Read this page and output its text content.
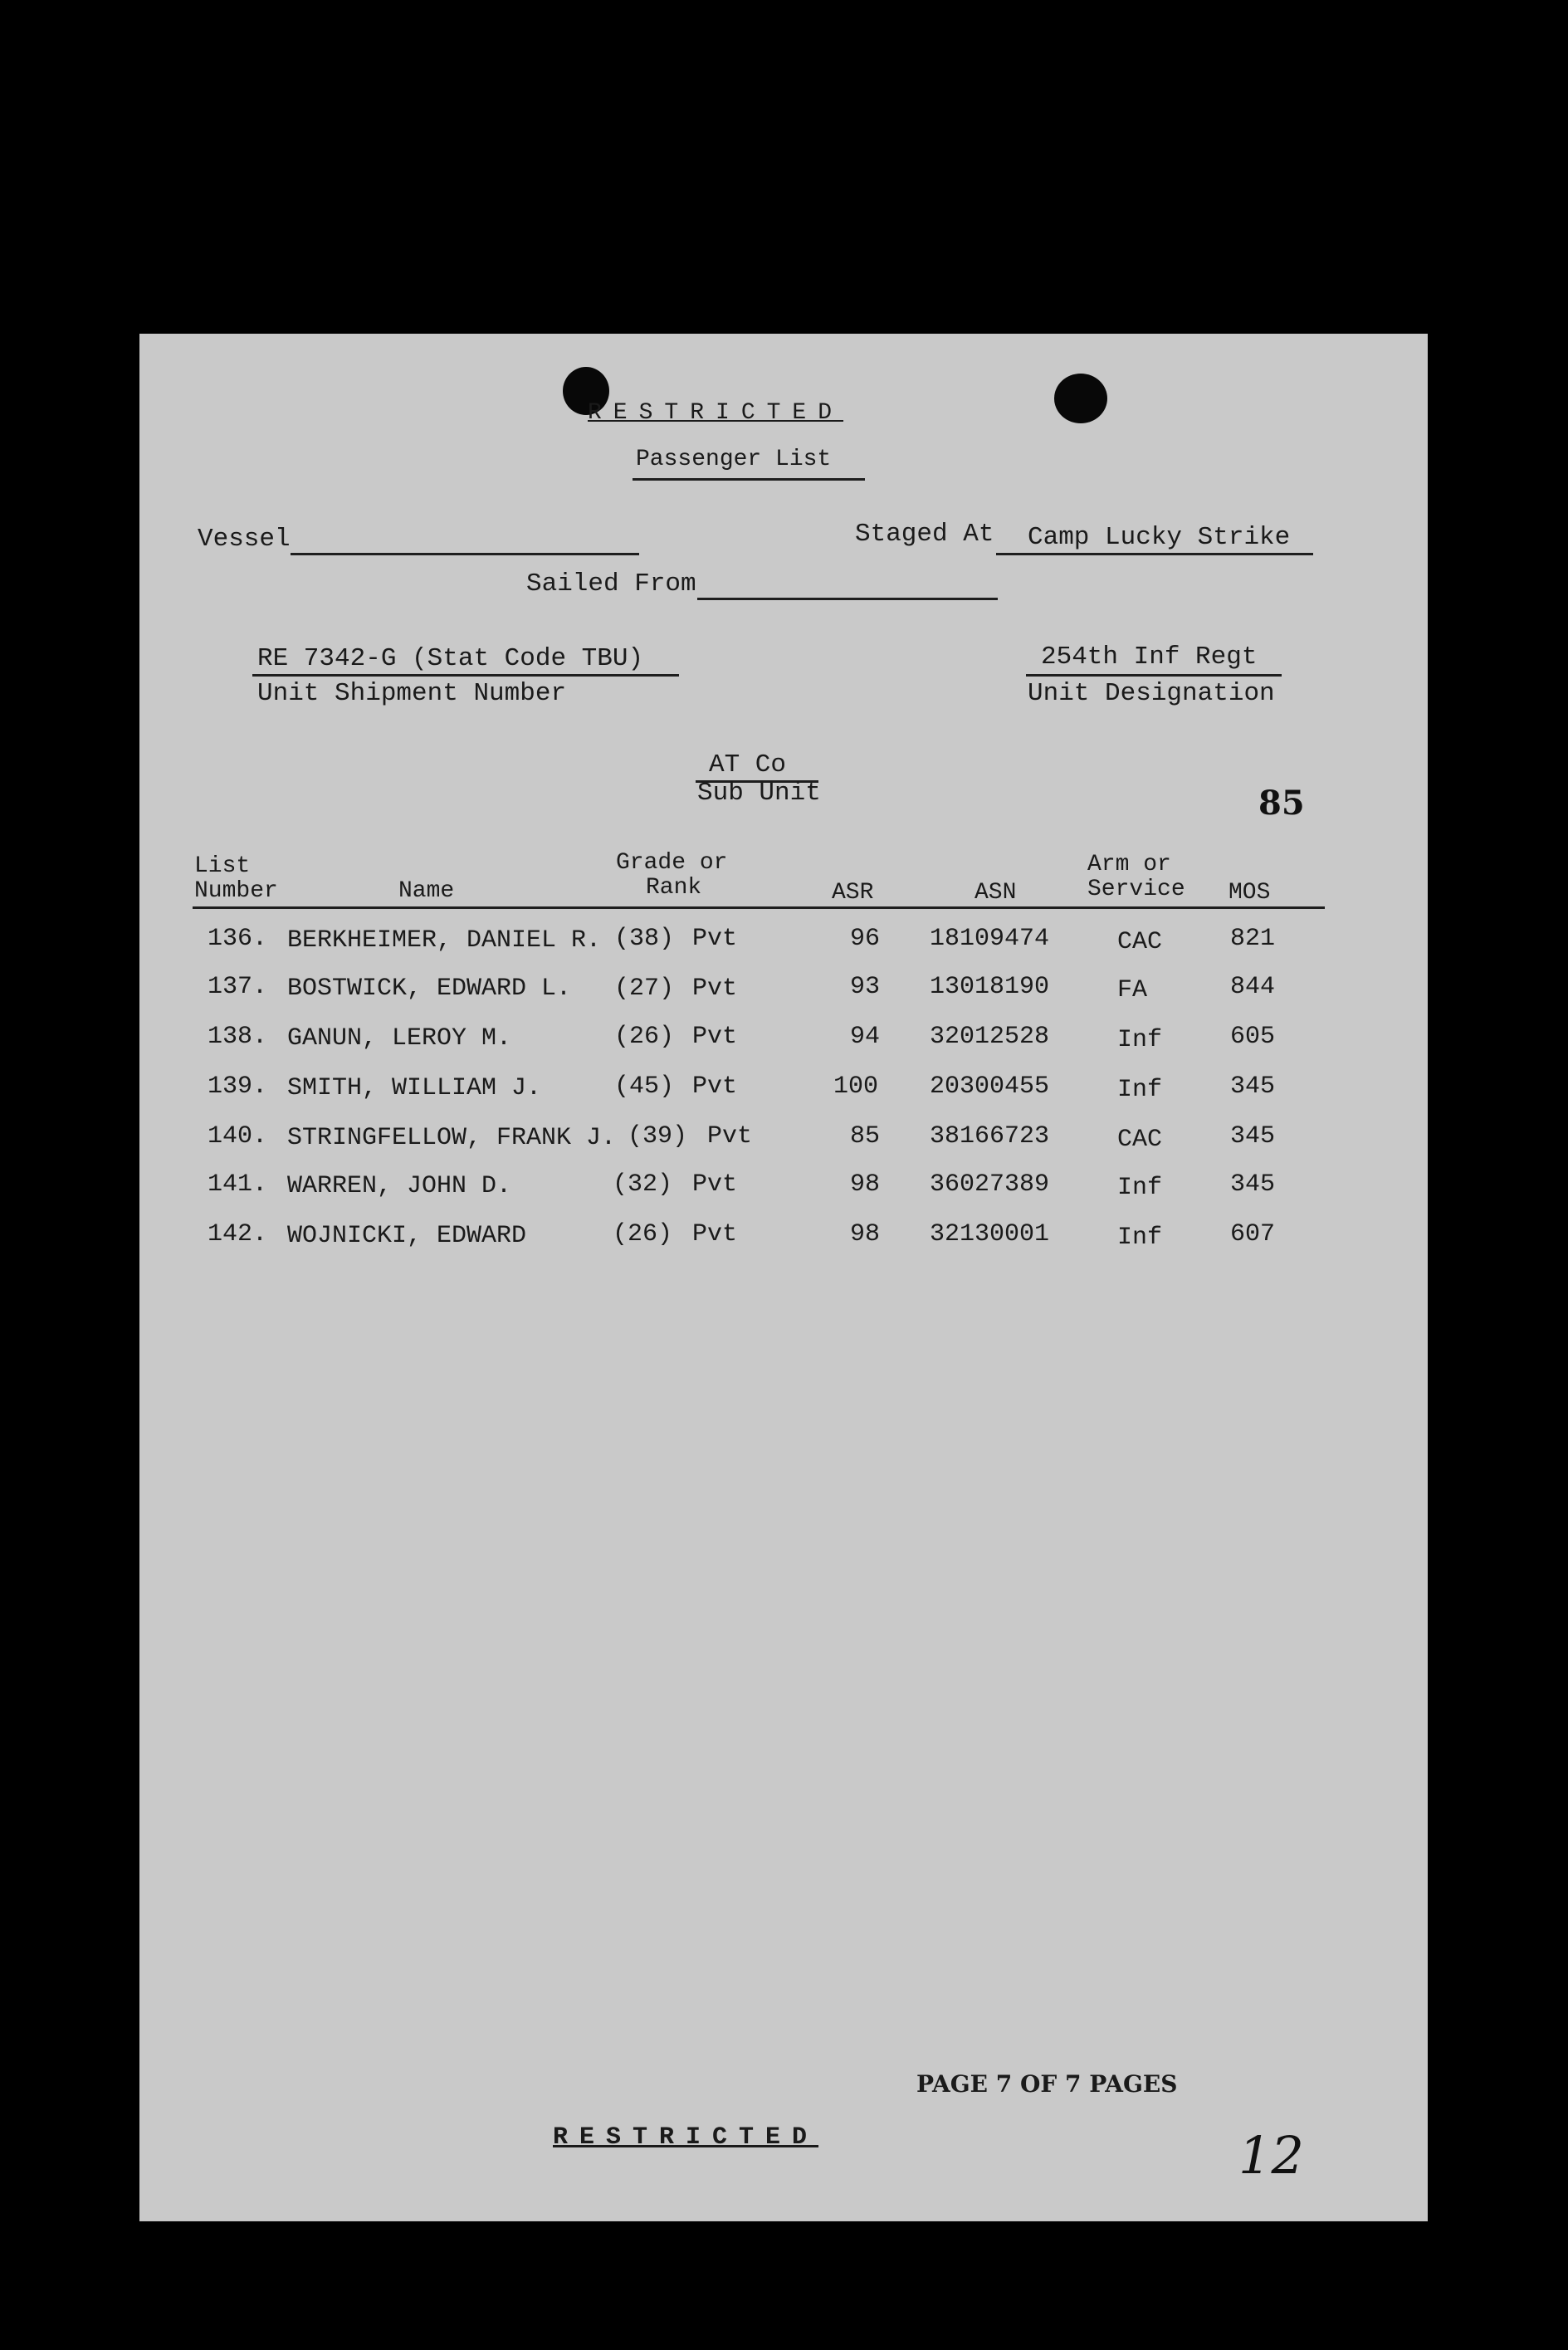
RESTRICTED
Passenger List
Vessel	Staged At Camp Lucky Strike
Sailed From
RE 7342-G (Stat Code TBU)
Unit Shipment Number
254th Inf Regt
Unit Designation
AT Co
Sub Unit	85
List
Number	Name
Grade or
Rank	ASR	ASN
Arm or
Service MOS
136. BERKHEIMER, DANIEL R. (38) Pvt	96 18109474	CAC	821
137. BOSTWICK, EDWARD L. (27) Pvt	93 13018190	FA	844
138. GANUN, LEROY M.	(26) Pvt	94 32012528	Inf	605
139. SMITH, WILLIAM J.	(45) Pvt	100 20300455	Inf	345
140. STRINGFELLOW, FRANK J. (39) Pvt	85 38166723	CAC	345
141. WARREN, JOHN D.	(32) Pvt	98 36027389	Inf	345
142. WOJNICKI, EDWARD	(26) Pvt	98 32130001	Inf	607
PAGE 7 OF 7 PAGES
RESTRICTED	12
